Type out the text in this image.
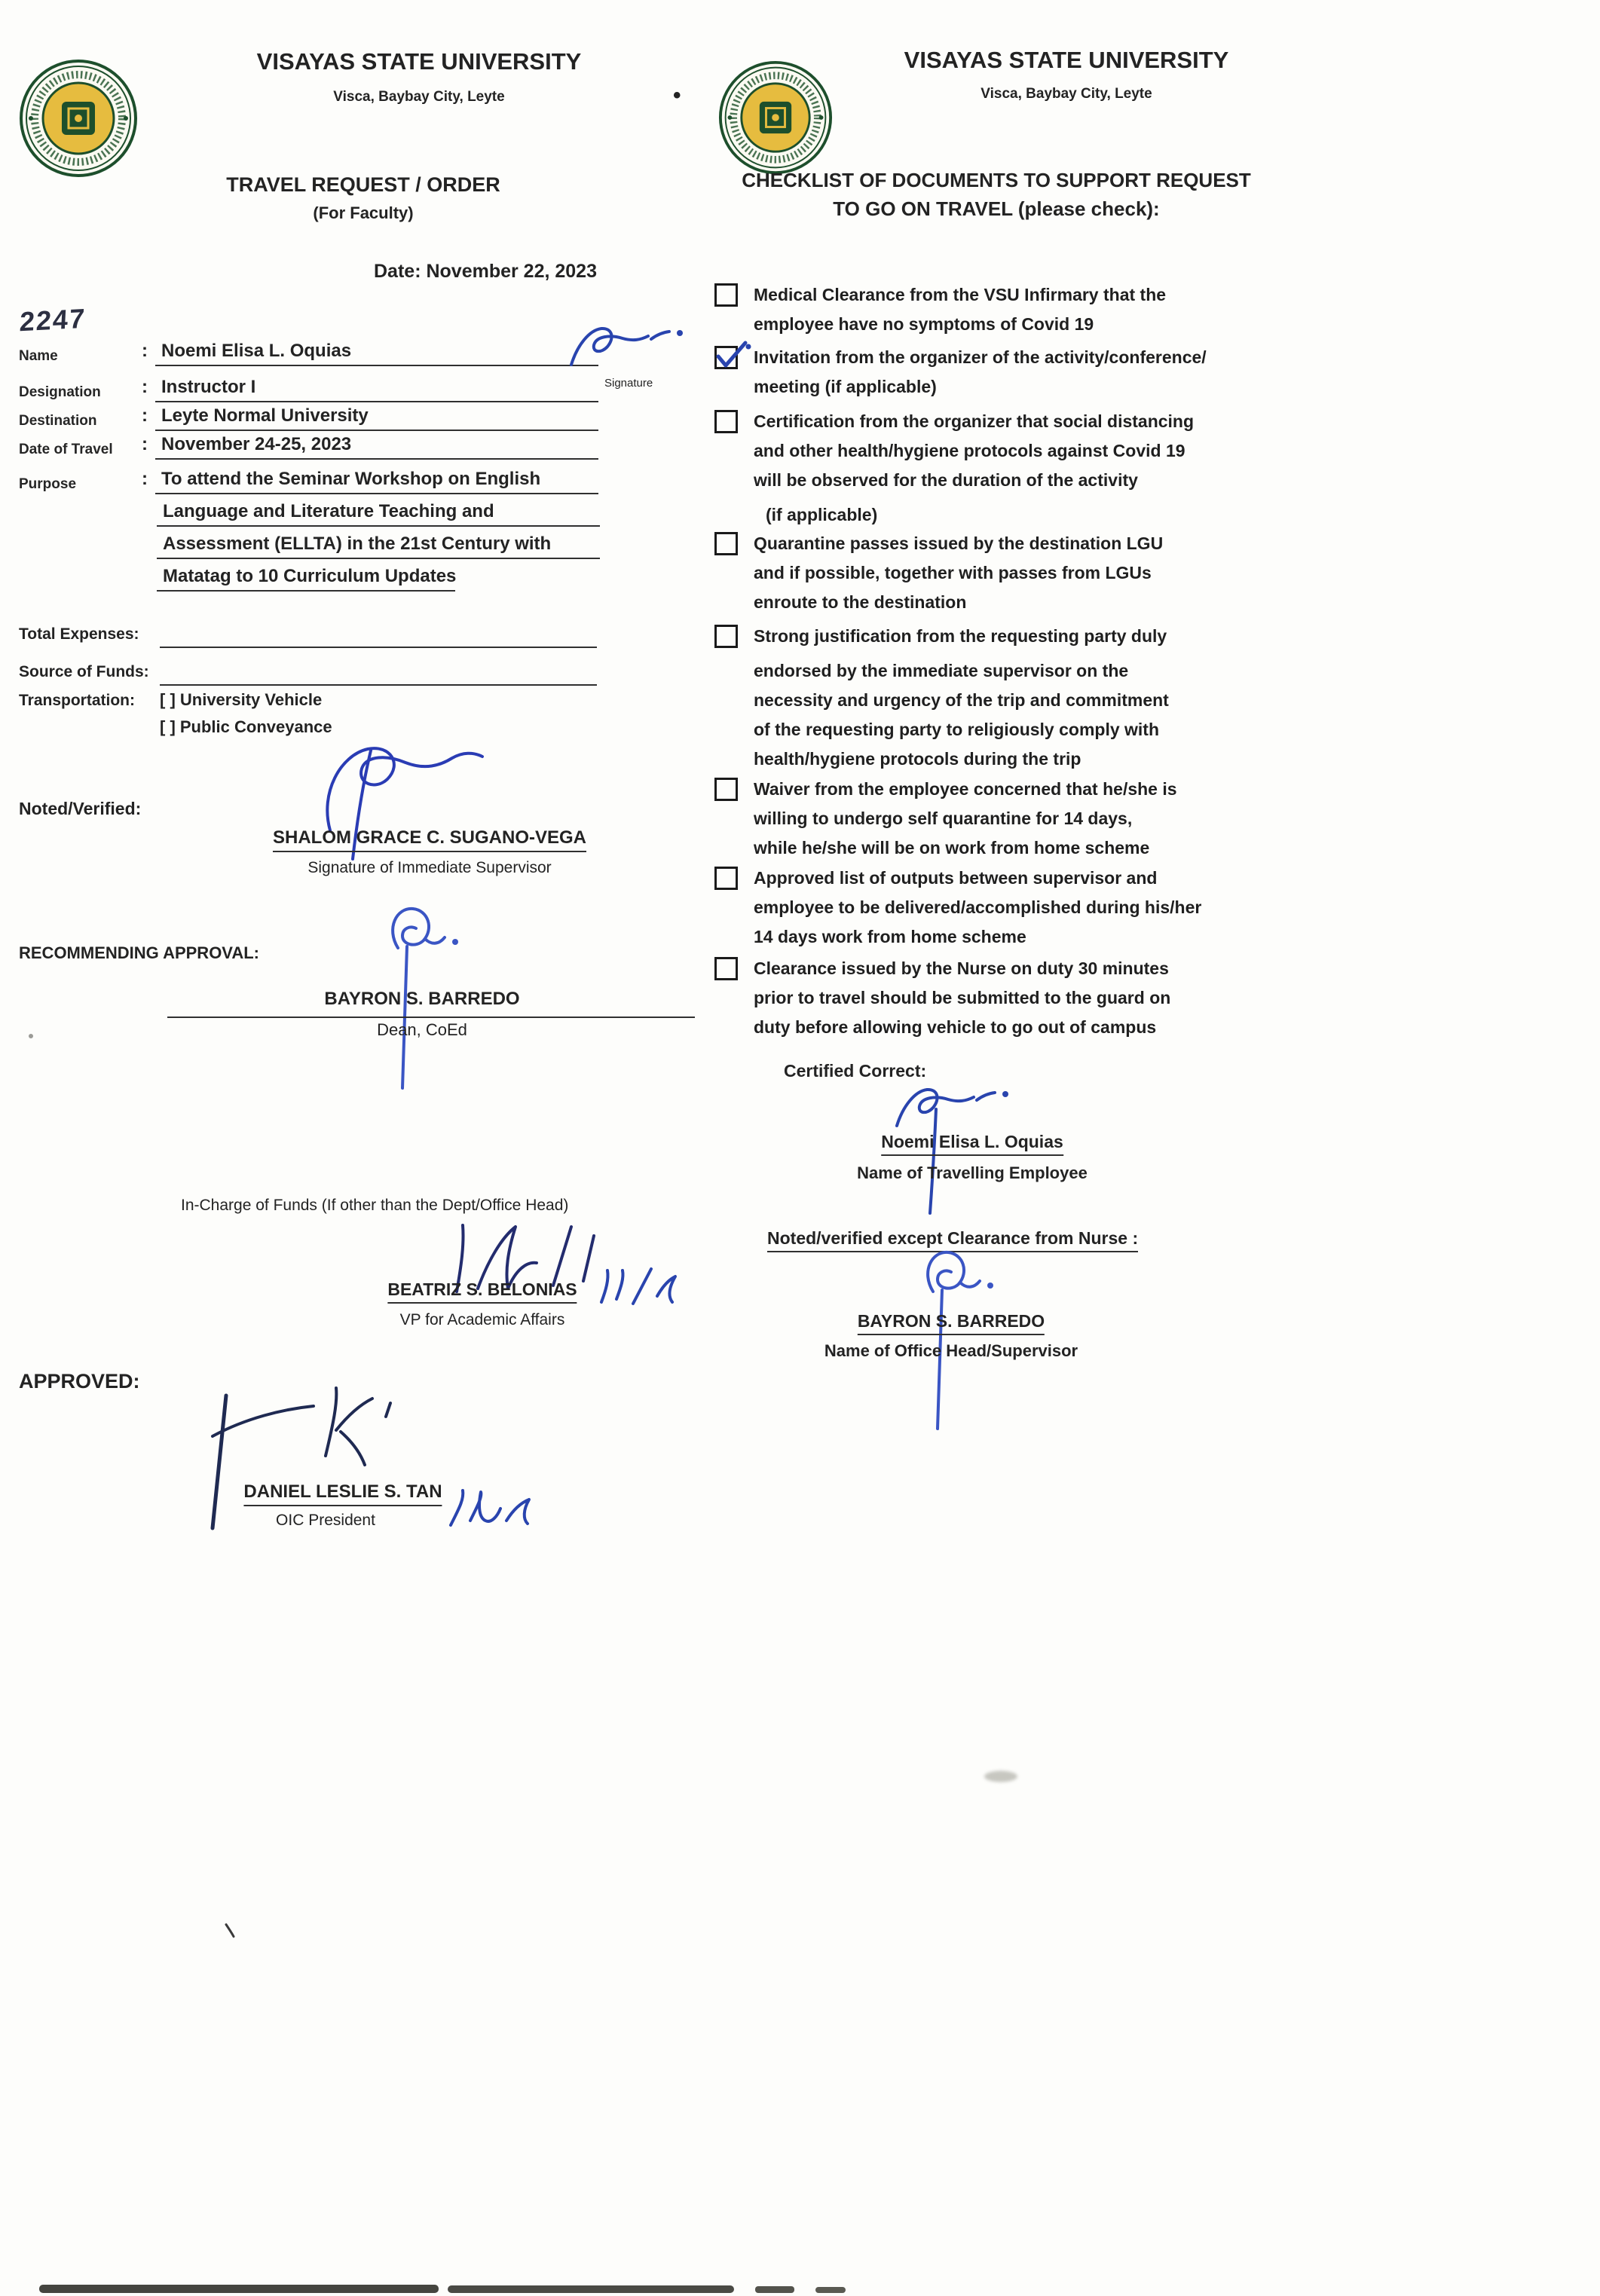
VISAYAS STATE UNIVERSITY
Visca, Baybay City, Leyte
TRAVEL REQUEST / ORDER
(For Faculty)
Date: November 22, 2023
2247
Name	: Noemi Elisa L. Oquias
Designation : Instructor I
Destination : Leyte Normal University
Date of Travel : November 24-25, 2023
Purpose	: To attend the Seminar Workshop on English
Language and Literature Teaching and
Assessment (ELLTA) in the 21st Century with
Matatag to 10 Curriculum Updates
Signature
Total Expenses:
Source of Funds:
Transportation: [ ] University Vehicle
[ ] Public Conveyance
Noted/Verified:
SHALOM GRACE C. SUGANO-VEGA
Signature of Immediate Supervisor
RECOMMENDING APPROVAL:
BAYRON S. BARREDO
Dean, CoEd
In-Charge of Funds (If other than the Dept/Office Head)
BEATRIZ S. BELONIAS
VP for Academic Affairs
APPROVED:
DANIEL LESLIE S. TAN
OIC President
•
VISAYAS STATE UNIVERSITY
Visca, Baybay City, Leyte
CHECKLIST OF DOCUMENTS TO SUPPORT REQUEST
TO GO ON TRAVEL (please check):
Medical Clearance from the VSU Infirmary that the
employee have no symptoms of Covid 19
Invitation from the organizer of the activity/conference/
meeting (if applicable)
Certification from the organizer that social distancing
and other health/hygiene protocols against Covid 19
will be observed for the duration of the activity
(if applicable)
Quarantine passes issued by the destination LGU
and if possible, together with passes from LGUs
enroute to the destination
Strong justification from the requesting party duly
endorsed by the immediate supervisor on the
necessity and urgency of the trip and commitment
of the requesting party to religiously comply with
health/hygiene protocols during the trip
Waiver from the employee concerned that he/she is
willing to undergo self quarantine for 14 days,
while he/she will be on work from home scheme
Approved list of outputs between supervisor and
employee to be delivered/accomplished during his/her
14 days work from home scheme
Clearance issued by the Nurse on duty 30 minutes
prior to travel should be submitted to the guard on
duty before allowing vehicle to go out of campus
Certified Correct:
Noemi Elisa L. Oquias
Name of Travelling Employee
Noted/verified except Clearance from Nurse :
BAYRON S. BARREDO
Name of Office Head/Supervisor
